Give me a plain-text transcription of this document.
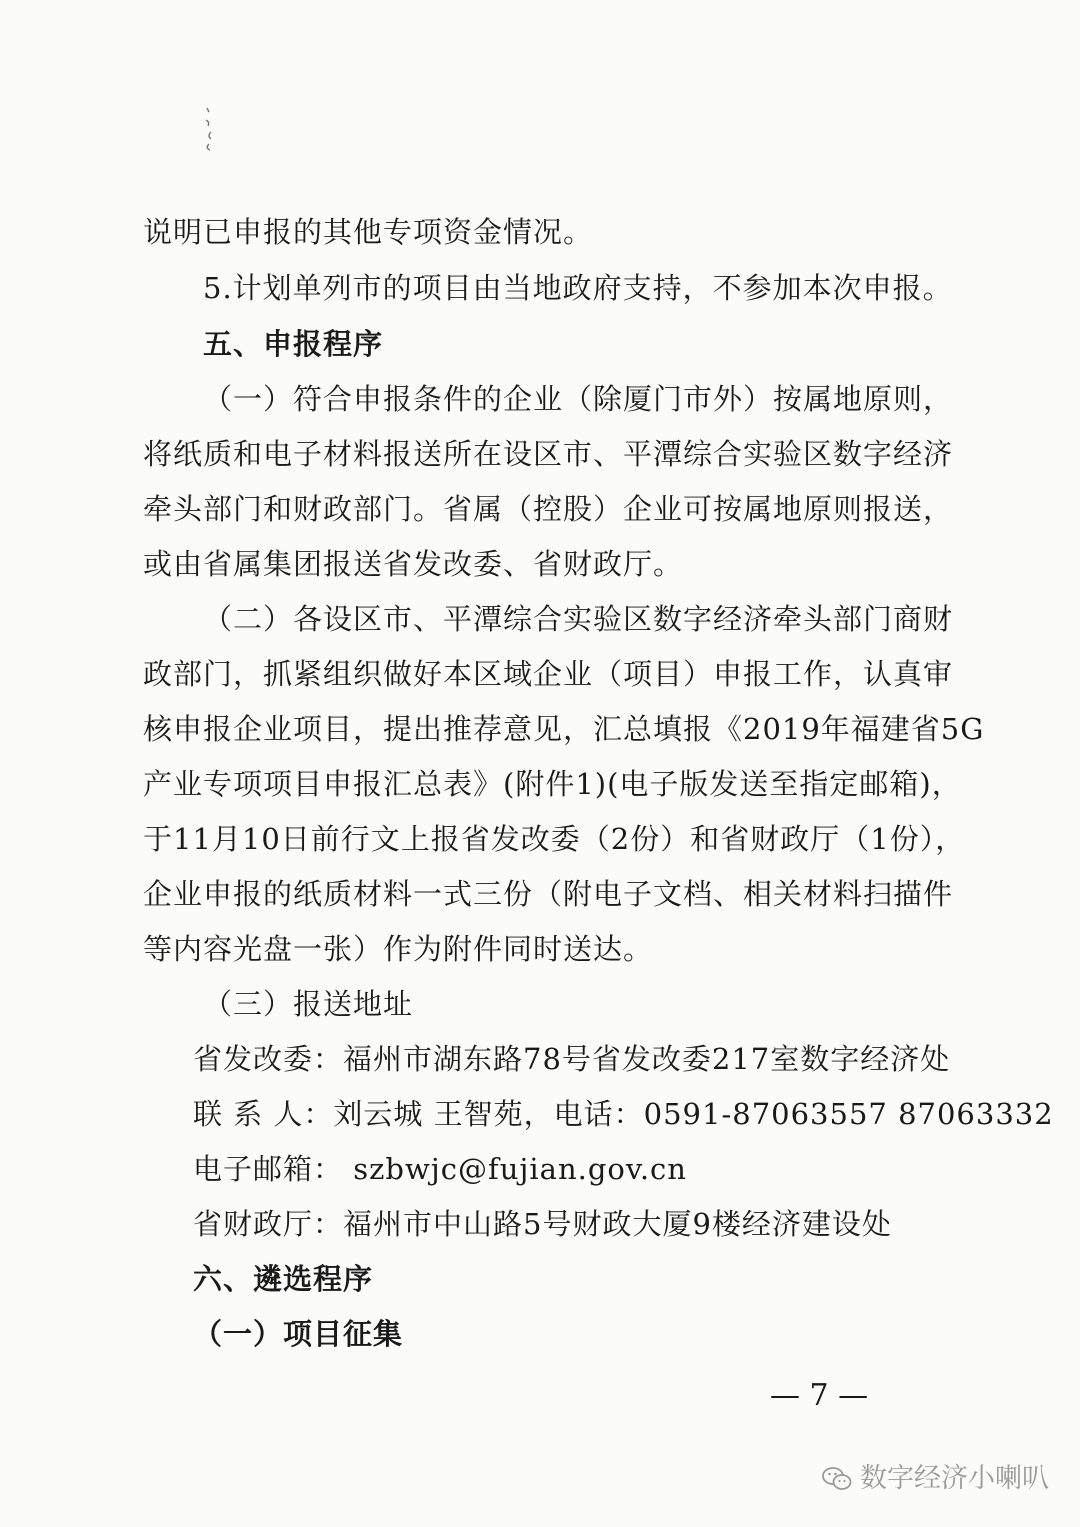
说明已申报的其他专项资金情况。
5.计划单列市的项目由当地政府支持，不参加本次申报。
五、申报程序
（一）符合申报条件的企业（除厦门市外）按属地原则，
将纸质和电子材料报送所在设区市、平潭综合实验区数字经济
牵头部门和财政部门。省属（控股）企业可按属地原则报送，
或由省属集团报送省发改委、省财政厅。
（二）各设区市、平潭综合实验区数字经济牵头部门商财
政部门，抓紧组织做好本区域企业（项目）申报工作，认真审
核申报企业项目，提出推荐意见，汇总填报《2019年福建省5G
产业专项项目申报汇总表》(附件1)(电子版发送至指定邮箱)，
于11月10日前行文上报省发改委（2份）和省财政厅（1份），
企业申报的纸质材料一式三份（附电子文档、相关材料扫描件
等内容光盘一张）作为附件同时送达。
（三）报送地址
省发改委：福州市湖东路78号省发改委217室数字经济处
联 系 人：刘云城 王智苑，电话：0591-87063557 87063332
电子邮箱： szbwjc@fujian.gov.cn
省财政厅：福州市中山路5号财政大厦9楼经济建设处
六、遴选程序
（一）项目征集
— 7 —
数字经济小喇叭
